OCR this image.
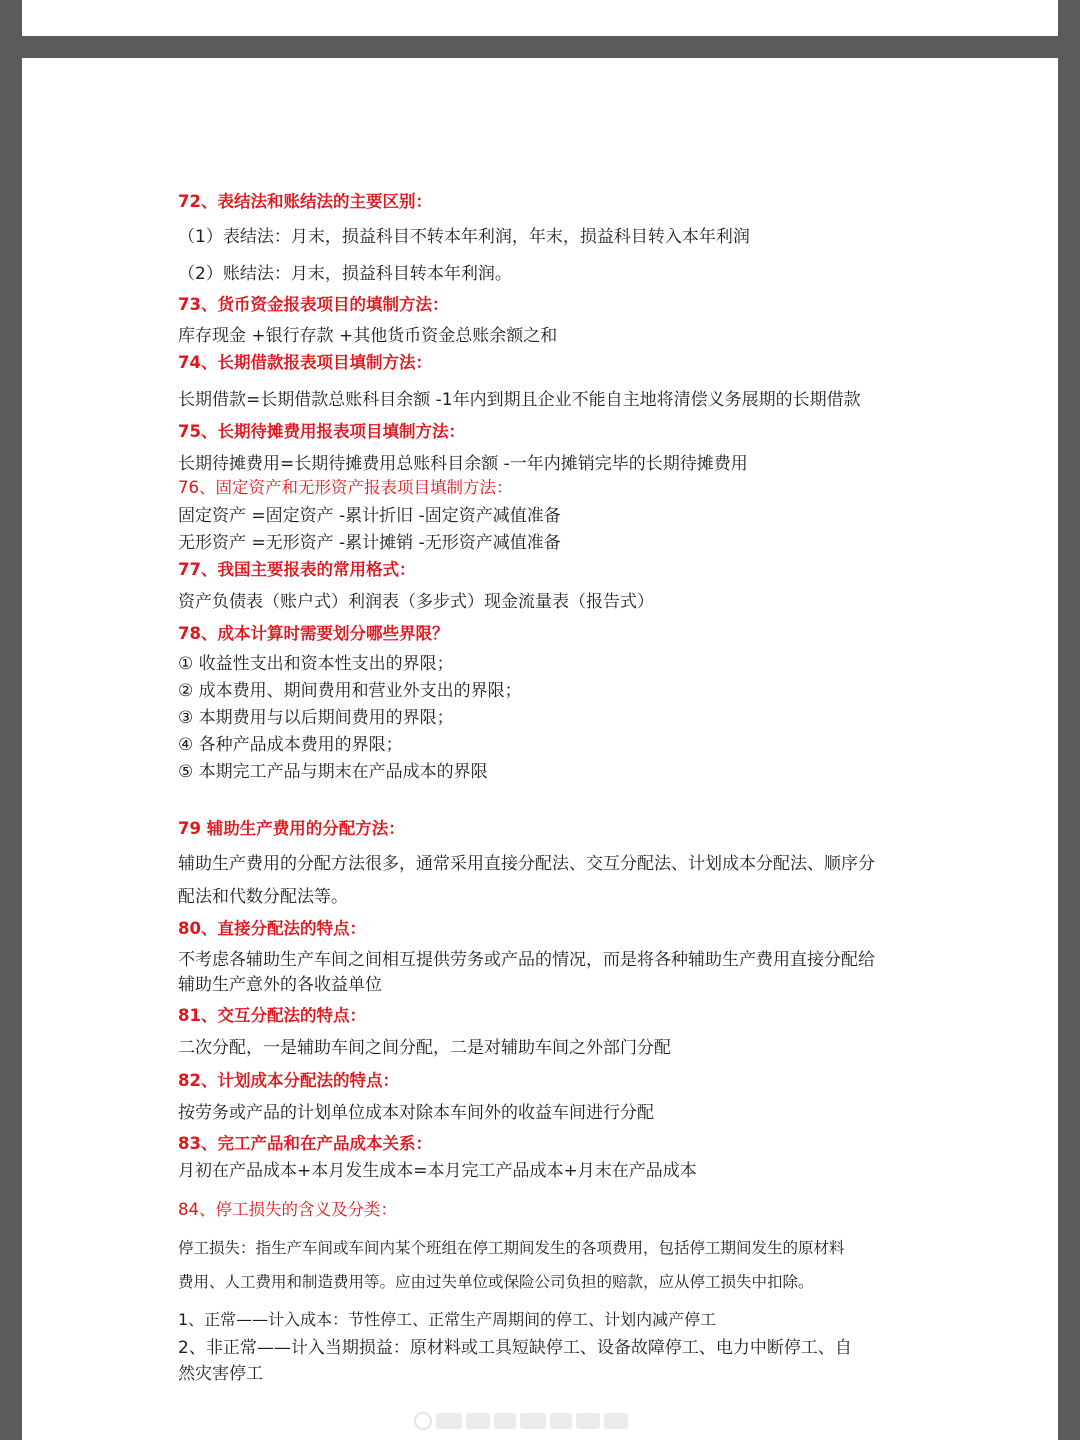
72、表结法和账结法的主要区别：
（1）表结法：月末，损益科目不转本年利润，年末，损益科目转入本年利润
（2）账结法：月末，损益科目转本年利润。
73、货币资金报表项目的填制方法：
库存现金 +银行存款 +其他货币资金总账余额之和
74、长期借款报表项目填制方法：
长期借款=长期借款总账科目余额 -1年内到期且企业不能自主地将清偿义务展期的长期借款
75、长期待摊费用报表项目填制方法：
长期待摊费用=长期待摊费用总账科目余额 -一年内摊销完毕的长期待摊费用
76、固定资产和无形资产报表项目填制方法：
固定资产 =固定资产 -累计折旧 -固定资产减值准备
无形资产 =无形资产 -累计摊销 -无形资产减值准备
77、我国主要报表的常用格式：
资产负债表（账户式）利润表（多步式）现金流量表（报告式）
78、成本计算时需要划分哪些界限？
① 收益性支出和资本性支出的界限；
② 成本费用、期间费用和营业外支出的界限；
③ 本期费用与以后期间费用的界限；
④ 各种产品成本费用的界限；
⑤ 本期完工产品与期末在产品成本的界限
79 辅助生产费用的分配方法：
辅助生产费用的分配方法很多，通常采用直接分配法、交互分配法、计划成本分配法、顺序分
配法和代数分配法等。
80、直接分配法的特点：
不考虑各辅助生产车间之间相互提供劳务或产品的情况，而是将各种辅助生产费用直接分配给
辅助生产意外的各收益单位
81、交互分配法的特点：
二次分配，一是辅助车间之间分配，二是对辅助车间之外部门分配
82、计划成本分配法的特点：
按劳务或产品的计划单位成本对除本车间外的收益车间进行分配
83、完工产品和在产品成本关系：
月初在产品成本+本月发生成本=本月完工产品成本+月末在产品成本
84、停工损失的含义及分类：
停工损失：指生产车间或车间内某个班组在停工期间发生的各项费用，包括停工期间发生的原材料
费用、人工费用和制造费用等。应由过失单位或保险公司负担的赔款，应从停工损失中扣除。
1、正常——计入成本：节性停工、正常生产周期间的停工、计划内减产停工
2、非正常——计入当期损益：原材料或工具短缺停工、设备故障停工、电力中断停工、自
然灾害停工
